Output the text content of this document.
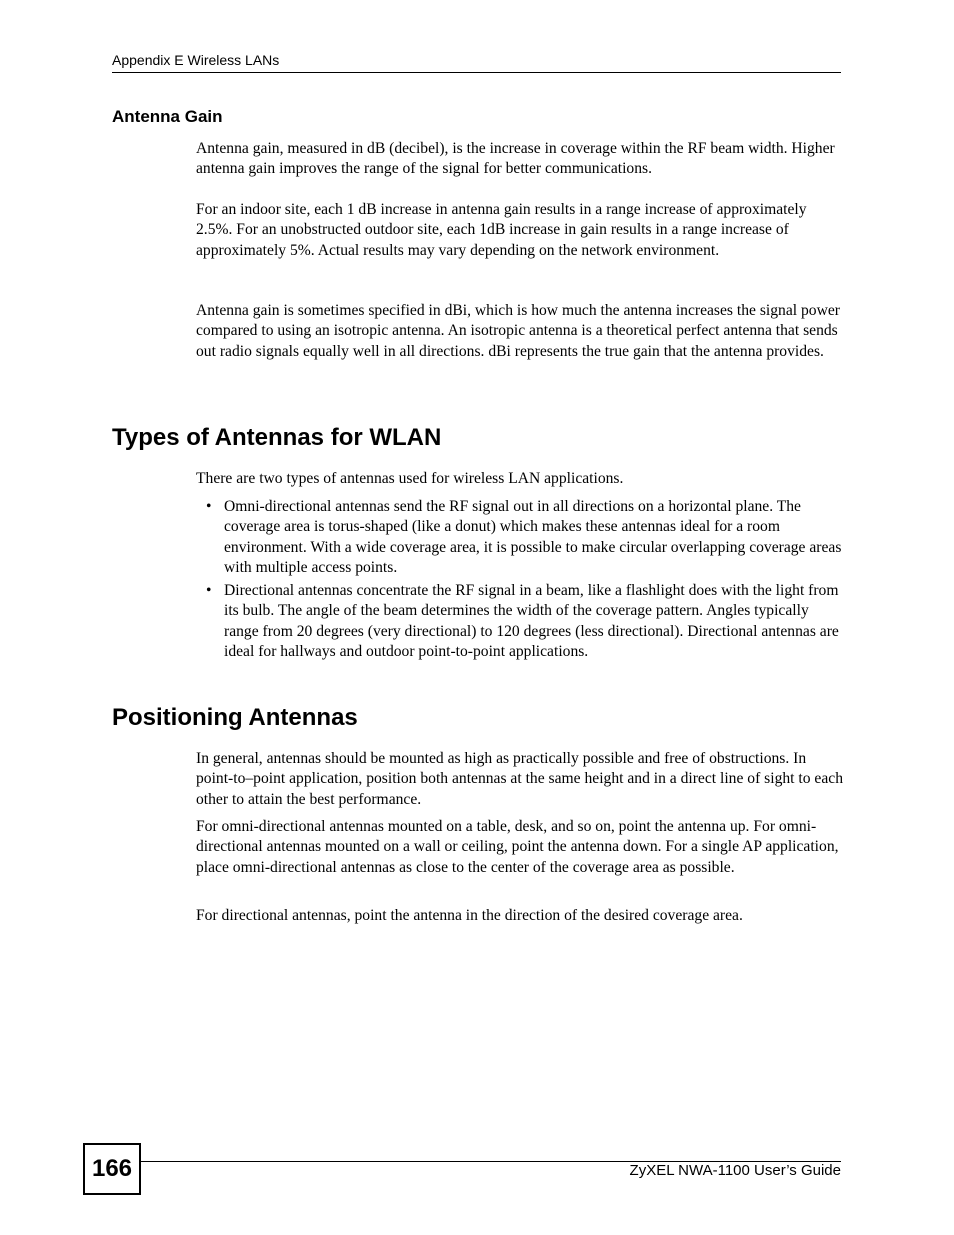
Appendix E Wireless LANs
Antenna Gain

Antenna gain, measured in dB (decibel), is the increase in coverage within the RF beam width. Higher antenna gain improves the range of the signal for better communications.

For an indoor site, each 1 dB increase in antenna gain results in a range increase of approximately 2.5%. For an unobstructed outdoor site, each 1dB increase in gain results in a range increase of approximately 5%. Actual results may vary depending on the network environment.

Antenna gain is sometimes specified in dBi, which is how much the antenna increases the signal power compared to using an isotropic antenna. An isotropic antenna is a theoretical perfect antenna that sends out radio signals equally well in all directions. dBi represents the true gain that the antenna provides.

Types of Antennas for WLAN

There are two types of antennas used for wireless LAN applications.

• Omni-directional antennas send the RF signal out in all directions on a horizontal plane. The coverage area is torus-shaped (like a donut) which makes these antennas ideal for a room environment. With a wide coverage area, it is possible to make circular overlapping coverage areas with multiple access points.
• Directional antennas concentrate the RF signal in a beam, like a flashlight does with the light from its bulb. The angle of the beam determines the width of the coverage pattern. Angles typically range from 20 degrees (very directional) to 120 degrees (less directional). Directional antennas are ideal for hallways and outdoor point-to-point applications.
Positioning Antennas

In general, antennas should be mounted as high as practically possible and free of obstructions. In point-to–point application, position both antennas at the same height and in a direct line of sight to each other to attain the best performance.

For omni-directional antennas mounted on a table, desk, and so on, point the antenna up. For omni-directional antennas mounted on a wall or ceiling, point the antenna down. For a single AP application, place omni-directional antennas as close to the center of the coverage area as possible.

For directional antennas, point the antenna in the direction of the desired coverage area.

166	ZyXEL NWA-1100 User’s Guide
